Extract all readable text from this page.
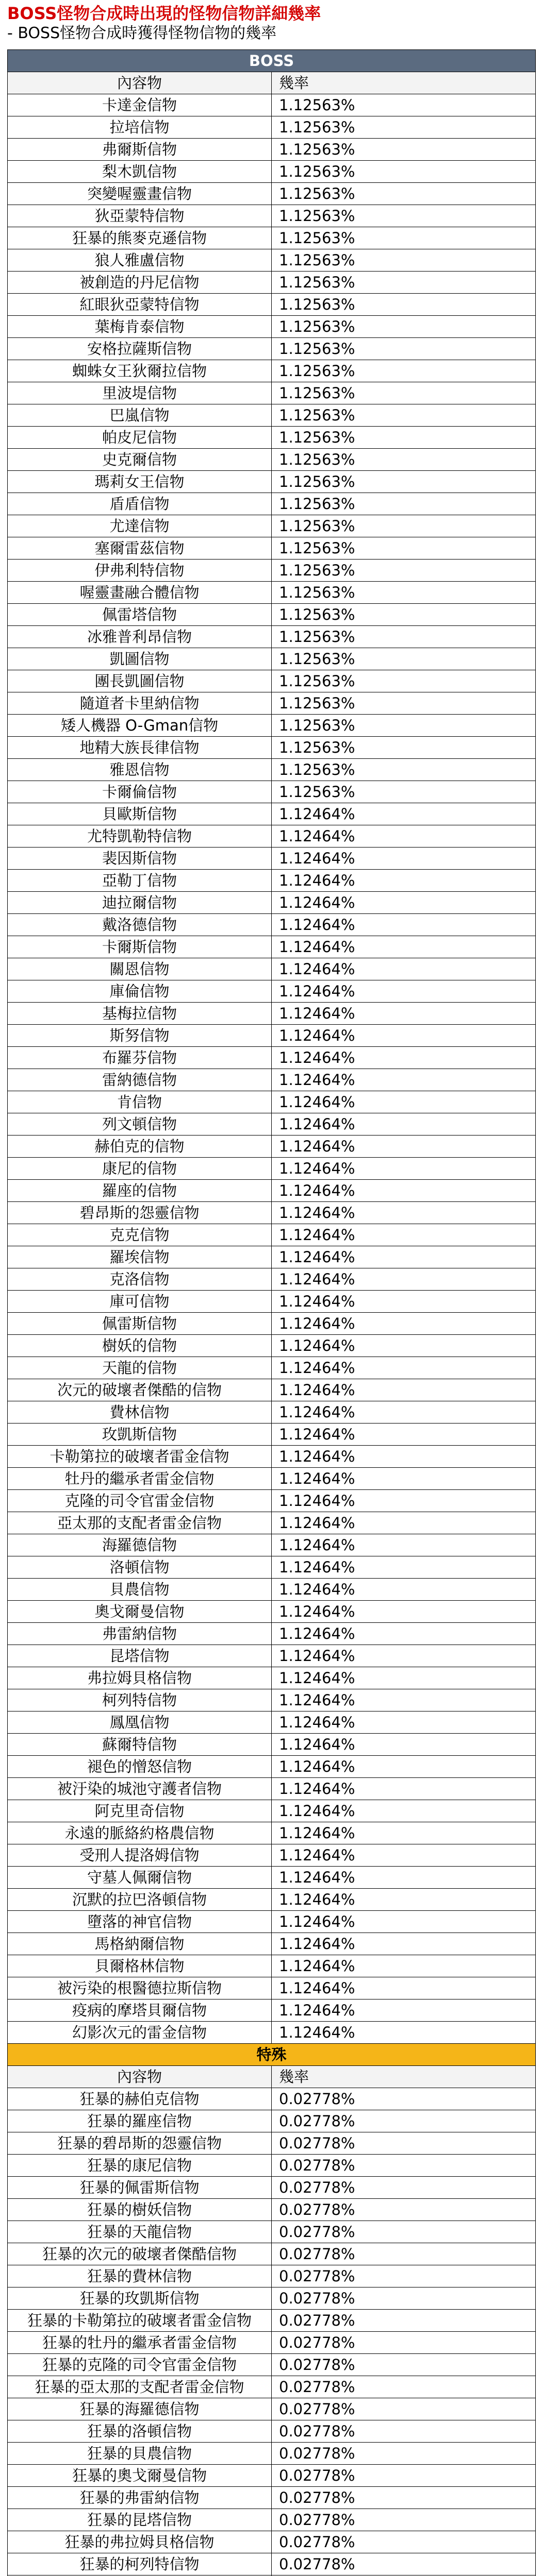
BOSS怪物合成時出現的怪物信物詳細幾率

- BOSS怪物合成時獲得怪物信物的幾率

BOSS	
內容物	幾率
卡達金信物	1.12563%
拉培信物	1.12563%
弗爾斯信物	1.12563%
梨木凱信物	1.12563%
突變喔靈畫信物	1.12563%
狄亞蒙特信物	1.12563%
狂暴的熊麥克遜信物	1.12563%
狼人雅盧信物	1.12563%
被創造的丹尼信物	1.12563%
紅眼狄亞蒙特信物	1.12563%
葉梅肯泰信物	1.12563%
安格拉薩斯信物	1.12563%
蜘蛛女王狄爾拉信物	1.12563%
里波堤信物	1.12563%
巴嵐信物	1.12563%
帕皮尼信物	1.12563%
史克爾信物	1.12563%
瑪莉女王信物	1.12563%
盾盾信物	1.12563%
尤達信物	1.12563%
塞爾雷茲信物	1.12563%
伊弗利特信物	1.12563%
喔靈畫融合體信物	1.12563%
佩雷塔信物	1.12563%
冰雅普利昂信物	1.12563%
凱圖信物	1.12563%
團長凱圖信物	1.12563%
隨道者卡里納信物	1.12563%
矮人機器 O-Gman信物	1.12563%
地精大族長律信物	1.12563%
雅恩信物	1.12563%
卡爾倫信物	1.12563%
貝歐斯信物	1.12464%
尤特凱勒特信物	1.12464%
裴因斯信物	1.12464%
亞勒丁信物	1.12464%
迪拉爾信物	1.12464%
戴洛德信物	1.12464%
卡爾斯信物	1.12464%
關恩信物	1.12464%
庫倫信物	1.12464%
基梅拉信物	1.12464%
斯努信物	1.12464%
布羅芬信物	1.12464%
雷納德信物	1.12464%
肯信物	1.12464%
列文頓信物	1.12464%
赫伯克的信物	1.12464%
康尼的信物	1.12464%
羅座的信物	1.12464%
碧昂斯的怨靈信物	1.12464%
克克信物	1.12464%
羅埃信物	1.12464%
克洛信物	1.12464%
庫可信物	1.12464%
佩雷斯信物	1.12464%
樹妖的信物	1.12464%
天龍的信物	1.12464%
次元的破壞者傑酷的信物	1.12464%
費林信物	1.12464%
玫凱斯信物	1.12464%
卡勒第拉的破壞者雷金信物	1.12464%
牡丹的繼承者雷金信物	1.12464%
克隆的司令官雷金信物	1.12464%
亞太那的支配者雷金信物	1.12464%
海羅德信物	1.12464%
洛頓信物	1.12464%
貝農信物	1.12464%
奧戈爾曼信物	1.12464%
弗雷納信物	1.12464%
昆塔信物	1.12464%
弗拉姆貝格信物	1.12464%
柯列特信物	1.12464%
鳳凰信物	1.12464%
蘇爾特信物	1.12464%
褪色的憎怒信物	1.12464%
被汙染的城池守護者信物	1.12464%
阿克里奇信物	1.12464%
永遠的脈絡約格農信物	1.12464%
受刑人提洛姆信物	1.12464%
守墓人佩爾信物	1.12464%
沉默的拉巴洛頓信物	1.12464%
墮落的神官信物	1.12464%
馬格納爾信物	1.12464%
貝爾格林信物	1.12464%
被污染的根醫德拉斯信物	1.12464%
疫病的摩塔貝爾信物	1.12464%
幻影次元的雷金信物	1.12464%
特殊	
內容物	幾率
狂暴的赫伯克信物	0.02778%
狂暴的羅座信物	0.02778%
狂暴的碧昂斯的怨靈信物	0.02778%
狂暴的康尼信物	0.02778%
狂暴的佩雷斯信物	0.02778%
狂暴的樹妖信物	0.02778%
狂暴的天龍信物	0.02778%
狂暴的次元的破壞者傑酷信物	0.02778%
狂暴的費林信物	0.02778%
狂暴的玫凱斯信物	0.02778%
狂暴的卡勒第拉的破壞者雷金信物	0.02778%
狂暴的牡丹的繼承者雷金信物	0.02778%
狂暴的克隆的司令官雷金信物	0.02778%
狂暴的亞太那的支配者雷金信物	0.02778%
狂暴的海羅德信物	0.02778%
狂暴的洛頓信物	0.02778%
狂暴的貝農信物	0.02778%
狂暴的奧戈爾曼信物	0.02778%
狂暴的弗雷納信物	0.02778%
狂暴的昆塔信物	0.02778%
狂暴的弗拉姆貝格信物	0.02778%
狂暴的柯列特信物	0.02778%
